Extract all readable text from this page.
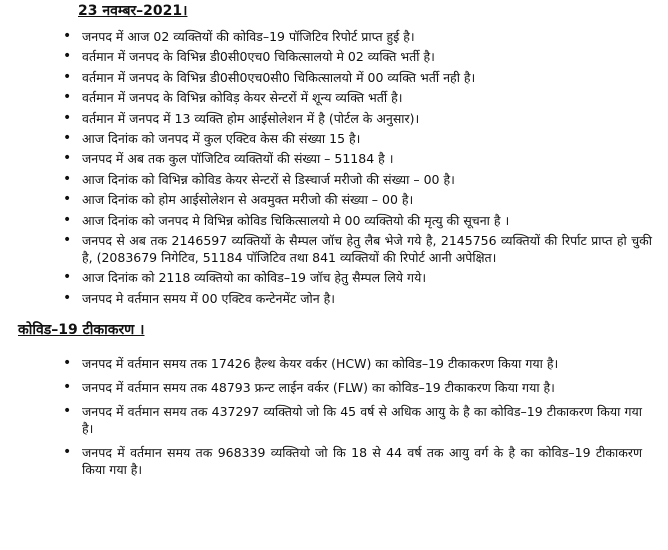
23 नवम्बर–2021।
• जनपद में आज 02 व्यक्तियों की कोविड–19 पॉजिटिव रिपोर्ट प्राप्त हुई है।
• वर्तमान में जनपद के विभिन्न डी0सी0एच0 चिकित्सालयो मे 02 व्यक्ति भर्ती है।
• वर्तमान में जनपद के विभिन्न डी0सी0एच0सी0 चिकित्सालयो में 00 व्यक्ति भर्ती नही है।
• वर्तमान में जनपद के विभिन्न कोविड़ केयर सेन्टरों में शून्य व्यक्ति भर्ती है।
• वर्तमान में जनपद में 13 व्यक्ति होम आईसोलेशन में है (पोर्टल के अनुसार)।
• आज दिनांक को जनपद में कुल एक्टिव केस की संख्या 15 है।
• जनपद में अब तक कुल पॉजिटिव व्यक्तियों की संख्या – 51184 है ।
• आज दिनांक को विभिन्न कोविड केयर सेन्टरों से डिस्चार्ज मरीजो की संख्या – 00 है।
• आज दिनांक को होम आईसोलेशन से अवमुक्त मरीजो की संख्या – 00 है।
• आज दिनांक को जनपद मे विभिन्न कोविड चिकित्सालयो मे 00 व्यक्तियो की मृत्यु की सूचना है ।
• जनपद से अब तक 2146597 व्यक्तियों के सैम्पल जॉच हेतु लैब भेजे गये है, 2145756 व्यक्तियों की रिर्पाट प्राप्त हो चुकी है, (2083679 निगेटिव, 51184 पॉजिटिव तथा 841 व्यक्तियों की रिपोर्ट आनी अपेक्षित।
• आज दिनांक को 2118 व्यक्तियो का कोविड–19 जॉच हेतु सैम्पल लिये गये।
• जनपद मे वर्तमान समय में 00 एक्टिव कन्टेनमेंट जोन है।
कोविड–19 टीकाकरण ।
• जनपद में वर्तमान समय तक 17426 हैल्थ केयर वर्कर (HCW) का कोविड–19 टीकाकरण किया गया है।
• जनपद में वर्तमान समय तक 48793 फ्रन्ट लाईन वर्कर (FLW) का कोविड–19 टीकाकरण किया गया है।
• जनपद में वर्तमान समय तक 437297 व्यक्तियो जो कि 45 वर्ष से अधिक आयु के है का कोविड–19 टीकाकरण किया गया है।
• जनपद में वर्तमान समय तक 968339 व्यक्तियो जो कि 18 से 44 वर्ष तक आयु वर्ग के है का कोविड–19 टीकाकरण किया गया है।
